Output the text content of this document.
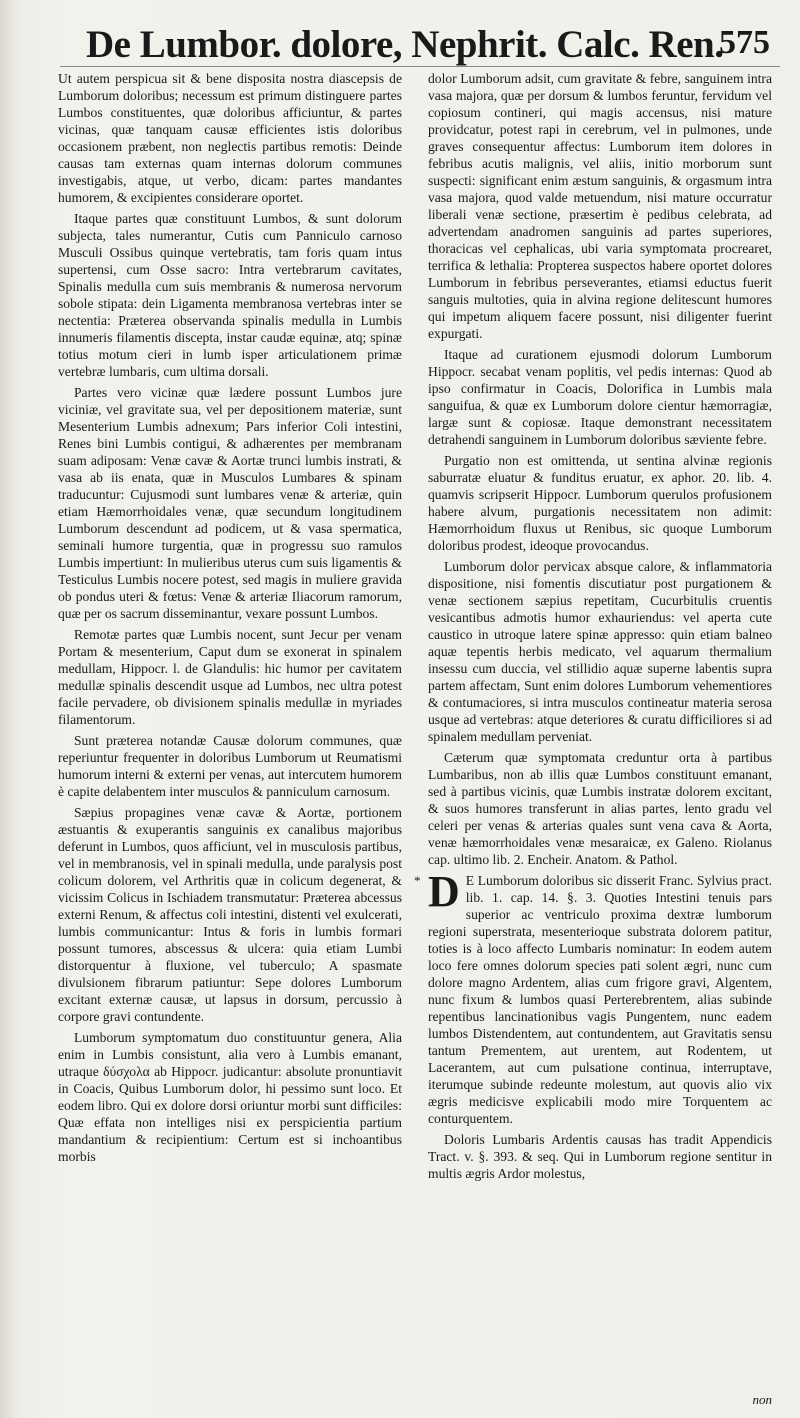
De Lumbor. dolore, Nephrit. Calc. Ren.
575

Ut autem perspicua sit & bene disposita nostra diascepsis de Lumborum doloribus; necessum est primum distinguere partes Lumbos constituentes, quæ doloribus afficiuntur, & partes vicinas, quæ tanquam causæ efficientes istis doloribus occasionem præbent, non neglectis partibus remotis: Deinde causas tam externas quam internas dolorum communes investigabis, atque, ut verbo, dicam: partes mandantes humorem, & excipientes considerare oportet.

Itaque partes quæ constituunt Lumbos, & sunt dolorum subjecta, tales numerantur, Cutis cum Panniculo carnoso Musculi Ossibus quinque vertebratis, tam foris quam intus supertensi, cum Osse sacro: Intra vertebrarum cavitates, Spinalis medulla cum suis membranis & numerosa nervorum sobole stipata: dein Ligamenta membranosa vertebras inter se nectentia: Præterea observanda spinalis medulla in Lumbis innumeris filamentis discepta, instar caudæ equinæ, atq; spinæ totius motum cieri in lumb isper articulationem primæ vertebræ lumbaris, cum ultima dorsali.

Partes vero vicinæ quæ lædere possunt Lumbos jure viciniæ, vel gravitate sua, vel per depositionem materiæ, sunt Mesenterium Lumbis adnexum; Pars inferior Coli intestini, Renes bini Lumbis contigui, & adhærentes per membranam suam adiposam: Venæ cavæ & Aortæ trunci lumbis instrati, & vasa ab iis enata, quæ in Musculos Lumbares & spinam traducuntur: Cujusmodi sunt lumbares venæ & arteriæ, quin etiam Hæmorrhoidales venæ, quæ secundum longitudinem Lumborum descendunt ad podicem, ut & vasa spermatica, seminali humore turgentia, quæ in progressu suo ramulos Lumbis impertiunt: In mulieribus uterus cum suis ligamentis & Testiculus Lumbis nocere potest, sed magis in muliere gravida ob pondus uteri & fœtus: Venæ & arteriæ Iliacorum ramorum, quæ per os sacrum disseminantur, vexare possunt Lumbos.

Remotæ partes quæ Lumbis nocent, sunt Jecur per venam Portam & mesenterium, Caput dum se exonerat in spinalem medullam, Hippocr. l. de Glandulis: hic humor per cavitatem medullæ spinalis descendit usque ad Lumbos, nec ultra potest facile pervadere, ob divisionem spinalis medullæ in myriades filamentorum.

Sunt præterea notandæ Causæ dolorum communes, quæ reperiuntur frequenter in doloribus Lumborum ut Reumatismi humorum interni & externi per venas, aut intercutem humorem è capite delabentem inter musculos & panniculum carnosum.

Sæpius propagines venæ cavæ & Aortæ, portionem æstuantis & exuperantis sanguinis ex canalibus majoribus deferunt in Lumbos, quos afficiunt, vel in musculosis partibus, vel in membranosis, vel in spinali medulla, unde paralysis post colicum dolorem, vel Arthritis quæ in colicum degenerat, & vicissim Colicus in Ischiadem transmutatur: Præterea abcessus externi Renum, & affectus coli intestini, distenti vel exulcerati, lumbis communicantur: Intus & foris in lumbis formari possunt tumores, abscessus & ulcera: quia etiam Lumbi distorquentur à fluxione, vel tuberculo; A spasmate divulsionem fibrarum patiuntur: Sepe dolores Lumborum excitant externæ causæ, ut lapsus in dorsum, percussio à corpore gravi contundente.

Lumborum symptomatum duo constituuntur genera, Alia enim in Lumbis consistunt, alia vero à Lumbis emanant, utraque δύσχολα ab Hippocr. judicantur: absolute pronuntiavit in Coacis, Quibus Lumborum dolor, hi pessimo sunt loco. Et eodem libro. Qui ex dolore dorsi oriuntur morbi sunt difficiles: Quæ effata non intelliges nisi ex perspicientia partium mandantium & recipientium: Certum est si inchoantibus morbis

dolor Lumborum adsit, cum gravitate & febre, sanguinem intra vasa majora, quæ per dorsum & lumbos feruntur, fervidum vel copiosum contineri, qui magis accensus, nisi mature providcatur, potest rapi in cerebrum, vel in pulmones, unde graves consequentur affectus: Lumborum item dolores in febribus acutis malignis, vel aliis, initio morborum sunt suspecti: significant enim æstum sanguinis, & orgasmum intra vasa majora, quod valde metuendum, nisi mature occurratur liberali venæ sectione, præsertim è pedibus celebrata, ad advertendam anadromen sanguinis ad partes superiores, thoracicas vel cephalicas, ubi varia symptomata procrearet, terrifica & lethalia: Propterea suspectos habere oportet dolores Lumborum in febribus perseverantes, etiamsi eductus fuerit sanguis multoties, quia in alvina regione delitescunt humores qui impetum aliquem facere possunt, nisi diligenter fuerint expurgati.

Itaque ad curationem ejusmodi dolorum Lumborum Hippocr. secabat venam poplitis, vel pedis internas: Quod ab ipso confirmatur in Coacis, Dolorifica in Lumbis mala sanguifua, & quæ ex Lumborum dolore cientur hæmorragiæ, largæ sunt & copiosæ. Itaque demonstrant necessitatem detrahendi sanguinem in Lumborum doloribus sæviente febre.

Purgatio non est omittenda, ut sentina alvinæ regionis saburratæ eluatur & funditus eruatur, ex aphor. 20. lib. 4. quamvis scripserit Hippocr. Lumborum querulos profusionem habere alvum, purgationis necessitatem non adimit: Hæmorrhoidum fluxus ut Renibus, sic quoque Lumborum doloribus prodest, ideoque provocandus.

Lumborum dolor pervicax absque calore, & inflammatoria dispositione, nisi fomentis discutiatur post purgationem & venæ sectionem sæpius repetitam, Cucurbitulis cruentis vesicantibus admotis humor exhauriendus: vel aperta cute caustico in utroque latere spinæ appresso: quin etiam balneo aquæ tepentis herbis medicato, vel aquarum thermalium insessu cum duccia, vel stillidio aquæ superne labentis supra partem affectam, Sunt enim dolores Lumborum vehementiores & contumaciores, si intra musculos contineatur materia serosa usque ad vertebras: atque deteriores & curatu difficiliores si ad spinalem medullam perveniat.

Cæterum quæ symptomata creduntur orta à partibus Lumbaribus, non ab illis quæ Lumbos constituunt emanant, sed à partibus vicinis, quæ Lumbis instratæ dolorem excitant, & suos humores transferunt in alias partes, lento gradu vel celeri per venas & arterias quales sunt vena cava & Aorta, venæ hæmorrhoidales venæ mesaraicæ, ex Galeno. Riolanus cap. ultimo lib. 2. Encheir. Anatom. & Pathol.

* D E Lumborum doloribus sic disserit Franc. Sylvius pract. lib. 1. cap. 14. §. 3. Quoties Intestini tenuis pars superior ac ventriculo proxima dextræ lumborum regioni superstrata, mesenterioque substrata dolorem patitur, toties is à loco affecto Lumbaris nominatur: In eodem autem loco fere omnes dolorum species pati solent ægri, nunc cum dolore magno Ardentem, alias cum frigore gravi, Algentem, nunc fixum & lumbos quasi Perterebrentem, alias subinde repentibus lancinationibus vagis Pungentem, nunc eadem lumbos Distendentem, aut contundentem, aut Gravitatis sensu tantum Prementem, aut urentem, aut Rodentem, ut Lacerantem, aut cum pulsatione continua, interruptave, iterumque subinde redeunte molestum, aut quovis alio vix ægris medicisve explicabili modo mire Torquentem ac conturquentem.

Doloris Lumbaris Ardentis causas has tradit Appendicis Tract. v. §. 393. & seq. Qui in Lumborum regione sentitur in multis ægris Ardor molestus,

non
